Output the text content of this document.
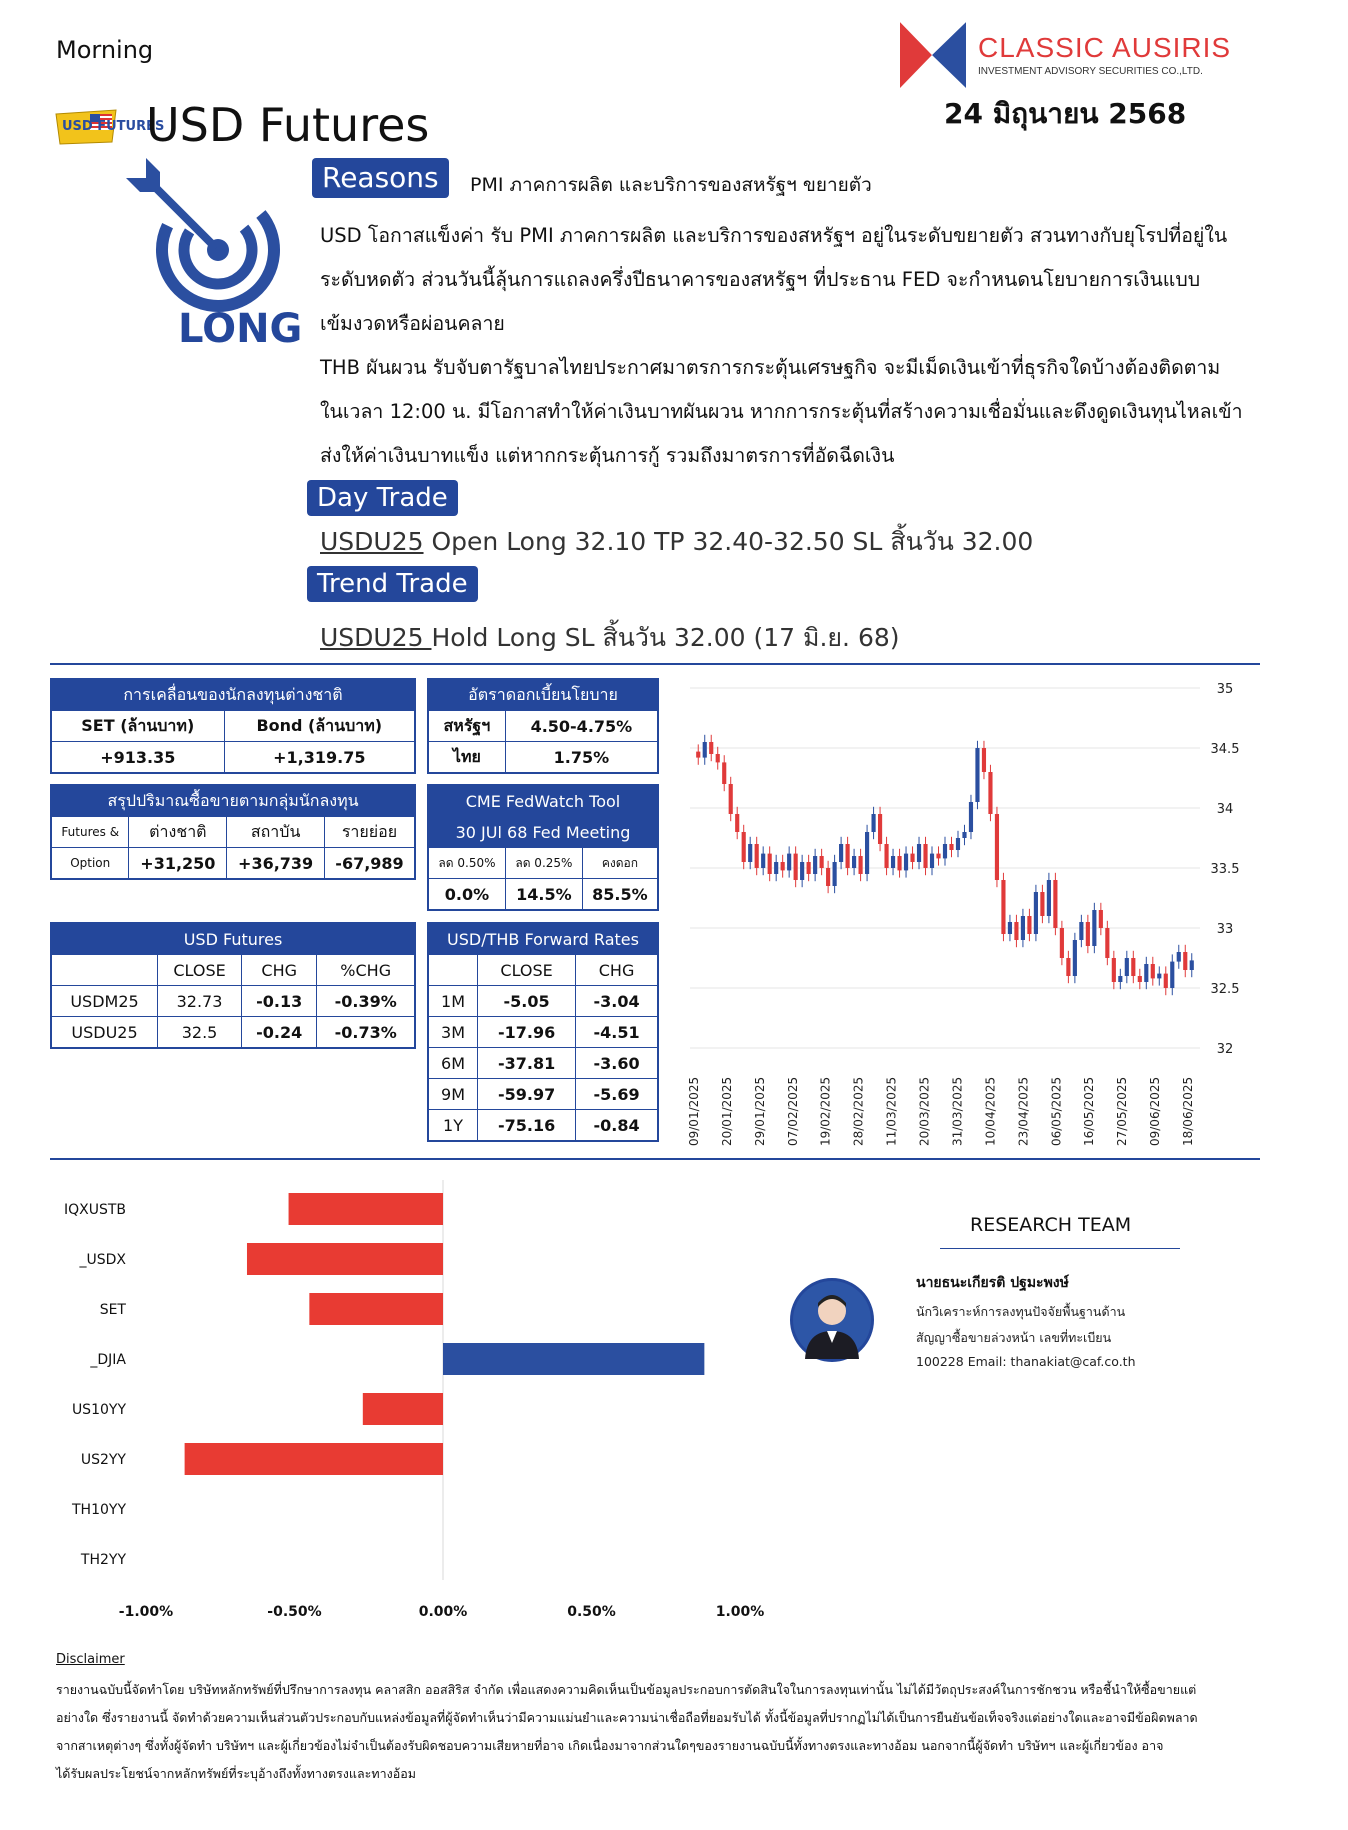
Morning
USD FUTURES
USD Futures
CLASSIC AUSIRIS
INVESTMENT ADVISORY SECURITIES CO.,LTD.
24 มิถุนายน 2568
LONG
Reasons	PMI ภาคการผลิต และบริการของสหรัฐฯ ขยายตัว
USD โอกาสแข็งค่า รับ PMI ภาคการผลิต และบริการของสหรัฐฯ อยู่ในระดับขยายตัว สวนทางกับยุโรปที่อยู่ใน
ระดับหดตัว ส่วนวันนี้ลุ้นการแถลงครึ่งปีธนาคารของสหรัฐฯ ที่ประธาน FED จะกำหนดนโยบายการเงินแบบ
เข้มงวดหรือผ่อนคลาย
THB ผันผวน รับจับตารัฐบาลไทยประกาศมาตรการกระตุ้นเศรษฐกิจ จะมีเม็ดเงินเข้าที่ธุรกิจใดบ้างต้องติดตาม
ในเวลา 12:00 น. มีโอกาสทำให้ค่าเงินบาทผันผวน หากการกระตุ้นที่สร้างความเชื่อมั่นและดึงดูดเงินทุนไหลเข้า
ส่งให้ค่าเงินบาทแข็ง แต่หากกระตุ้นการกู้ รวมถึงมาตรการที่อัดฉีดเงิน
Day Trade
USDU25 Open Long 32.10 TP 32.40-32.50 SL สิ้นวัน 32.00
Trend Trade
USDU25 Hold Long SL สิ้นวัน 32.00 (17 มิ.ย. 68)
การเคลื่อนของนักลงทุนต่างชาติ	
SET (ล้านบาท)	Bond (ล้านบาท)
+913.35	+1,319.75
อัตราดอกเบี้ยนโยบาย	
สหรัฐฯ	4.50-4.75%
ไทย	1.75%
สรุปปริมาณซื้อขายตามกลุ่มนักลงทุน			
Futures &	ต่างชาติ	สถาบัน	รายย่อย
Option	+31,250	+36,739	-67,989
CME FedWatch Tool		
30 JUl 68 Fed Meeting		
ลด 0.50%	ลด 0.25%	คงดอก
0.0%	14.5%	85.5%
USD Futures			
	CLOSE	CHG	%CHG
USDM25	32.73	-0.13	-0.39%
USDU25	32.5	-0.24	-0.73%
USD/THB Forward Rates		
	CLOSE	CHG
1M	-5.05	-3.04
3M	-17.96	-4.51
6M	-37.81	-3.60
9M	-59.97	-5.69
1Y	-75.16	-0.84
35
34.5
34
33.5
33
32.5
32
09/01/2025 20/01/2025 29/01/2025 07/02/2025 19/02/2025 28/02/2025 11/03/2025 20/03/2025 31/03/2025 10/04/2025 23/04/2025 06/05/2025 16/05/2025 27/05/2025 09/06/2025 18/06/2025
IQXUSTB
_USDX
SET
_DJIA
US10YY
US2YY
TH10YY
TH2YY
-1.00%	-0.50%	0.00%	0.50%	1.00%
RESEARCH TEAM
นายธนะเกียรติ ปฐมะพงษ์
นักวิเคราะห์การลงทุนปัจจัยพื้นฐานด้าน
สัญญาซื้อขายล่วงหน้า เลขที่ทะเบียน
100228 Email: thanakiat@caf.co.th
Disclaimer
รายงานฉบับนี้จัดทำโดย บริษัทหลักทรัพย์ที่ปรึกษาการลงทุน คลาสสิก ออสสิริส จำกัด เพื่อแสดงความคิดเห็นเป็นข้อมูลประกอบการตัดสินใจในการลงทุนเท่านั้น ไม่ได้มีวัตถุประสงค์ในการชักชวน หรือชี้นำให้ซื้อขายแต่
อย่างใด ซึ่งรายงานนี้ จัดทำด้วยความเห็นส่วนตัวประกอบกับแหล่งข้อมูลที่ผู้จัดทำเห็นว่ามีความแม่นยำและความน่าเชื่อถือที่ยอมรับได้ ทั้งนี้ข้อมูลที่ปรากฏไม่ได้เป็นการยืนยันข้อเท็จจริงแต่อย่างใดและอาจมีข้อผิดพลาด
จากสาเหตุต่างๆ ซึ่งทั้งผู้จัดทำ บริษัทฯ และผู้เกี่ยวข้องไม่จำเป็นต้องรับผิดชอบความเสียหายที่อาจ เกิดเนื่องมาจากส่วนใดๆของรายงานฉบับนี้ทั้งทางตรงและทางอ้อม นอกจากนี้ผู้จัดทำ บริษัทฯ และผู้เกี่ยวข้อง อาจ
ได้รับผลประโยชน์จากหลักทรัพย์ที่ระบุอ้างถึงทั้งทางตรงและทางอ้อม
